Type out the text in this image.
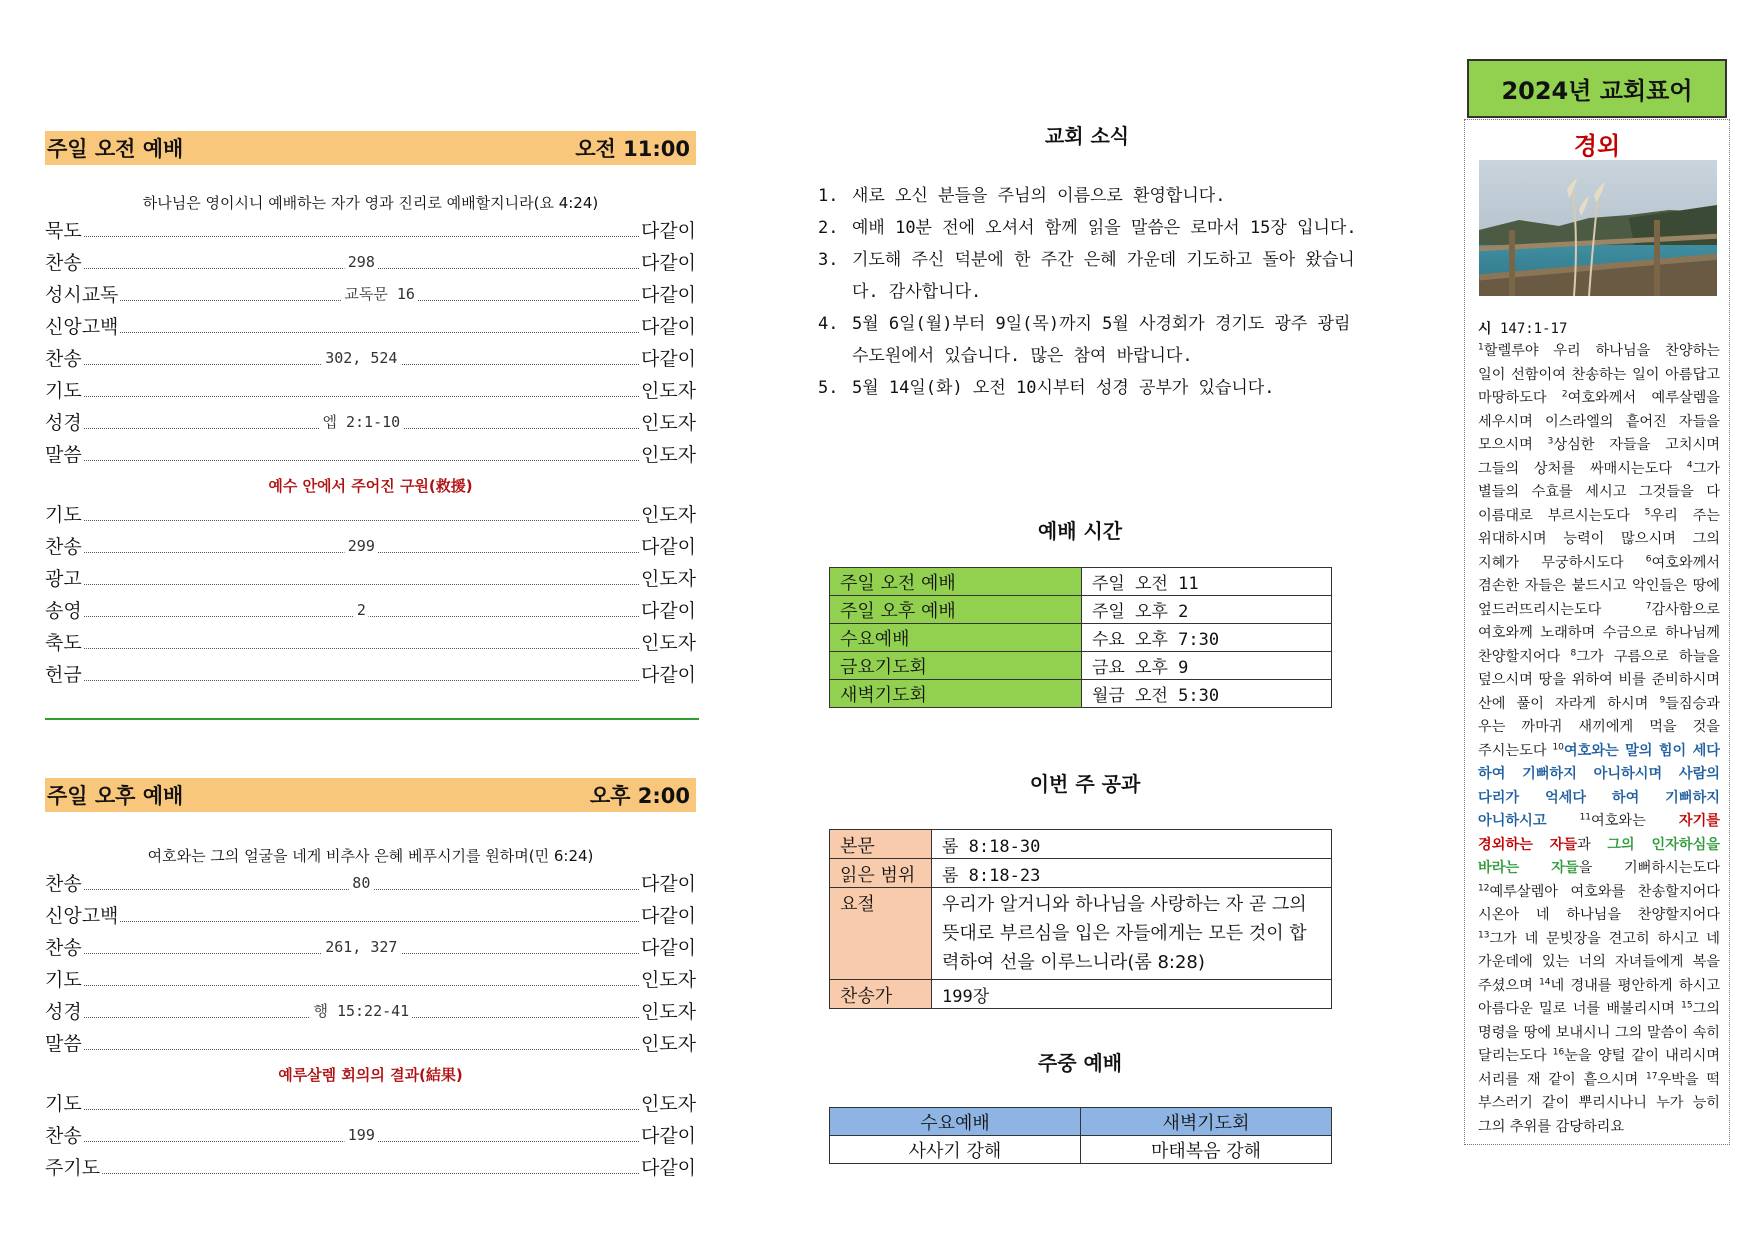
주일 오전 예배	오전 11:00
하나님은 영이시니 예배하는 자가 영과 진리로 예배할지니라(요 4:24)
묵도	다같이
찬송	298	다같이
성시교독	교독문 16	다같이
신앙고백	다같이
찬송	302, 524	다같이
기도	인도자
성경	엡 2:1-10	인도자
말씀	인도자
예수 안에서 주어진 구원(救援)
기도	인도자
찬송	299	다같이
광고	인도자
송영	2	다같이
축도	인도자
헌금	다같이
주일 오후 예배	오후 2:00
여호와는 그의 얼굴을 네게 비추사 은혜 베푸시기를 원하며(민 6:24)
찬송	80	다같이
신앙고백	다같이
찬송	261, 327	다같이
기도	인도자
성경	행 15:22-41	인도자
말씀	인도자
예루살렘 회의의 결과(結果)
기도	인도자
찬송	199	다같이
주기도	다같이
교회 소식
1. 새로 오신 분들을 주님의 이름으로 환영합니다.
2. 예배 10분 전에 오셔서 함께 읽을 말씀은 로마서 15장 입니다.
3. 기도해 주신 덕분에 한 주간 은혜 가운데 기도하고 돌아 왔습니다. 감사합니다.
4. 5월 6일(월)부터 9일(목)까지 5월 사경회가 경기도 광주 광림 수도원에서 있습니다. 많은 참여 바랍니다.
5. 5월 14일(화) 오전 10시부터 성경 공부가 있습니다.
예배 시간
주일 오전 예배	주일 오전 11
주일 오후 예배	주일 오후 2
수요예배	수요 오후 7:30
금요기도회	금요 오후 9
새벽기도회	월금 오전 5:30
이번 주 공과
본문	롬 8:18-30
읽은 범위	롬 8:18-23
요절	우리가 알거니와 하나님을 사랑하는 자 곧 그의 뜻대로 부르심을 입은 자들에게는 모든 것이 합력하여 선을 이루느니라(롬 8:28)
찬송가	199장
주중 예배
수요예배	새벽기도회
사사기 강해	마태복음 강해
2024년 교회표어
경외
시 147:1-17
$^1$할렐루야 우리 하나님을 찬양하는 일이 선함이여 찬송하는 일이 아름답고 마땅하도다 $^2$여호와께서 예루살렘을 세우시며 이스라엘의 흩어진 자들을 모으시며 $^3$상심한 자들을 고치시며 그들의 상처를 싸매시는도다 $^4$그가 별들의 수효를 세시고 그것들을 다 이름대로 부르시는도다 $^5$우리 주는 위대하시며 능력이 많으시며 그의 지혜가 무궁하시도다 $^6$여호와께서 겸손한 자들은 붙드시고 악인들은 땅에 엎드러뜨리시는도다 $^7$감사함으로 여호와께 노래하며 수금으로 하나님께 찬양할지어다 $^8$그가 구름으로 하늘을 덮으시며 땅을 위하여 비를 준비하시며 산에 풀이 자라게 하시며 $^9$들짐승과 우는 까마귀 새끼에게 먹을 것을 주시는도다 $^{10}$여호와는 말의 힘이 세다 하여 기뻐하지 아니하시며 사람의 다리가 억세다 하여 기뻐하지 아니하시고	$^{11}$여호와는 자기를 경외하는 자들과 그의 인자하심을 바라는 자들을 기뻐하시는도다 $^{12}$예루살렘아 여호와를 찬송할지어다 시온아 네 하나님을 찬양할지어다 $^{13}$그가 네 문빗장을 견고히 하시고 네 가운데에 있는 너의 자녀들에게 복을 주셨으며 $^{14}$네 경내를 평안하게 하시고 아름다운 밀로 너를 배불리시며 $^{15}$그의 명령을 땅에 보내시니 그의 말씀이 속히 달리는도다 $^{16}$눈을 양털 같이 내리시며 서리를 재 같이 흩으시며 $^{17}$우박을 떡 부스러기 같이 뿌리시나니 누가 능히 그의 추위를 감당하리요
